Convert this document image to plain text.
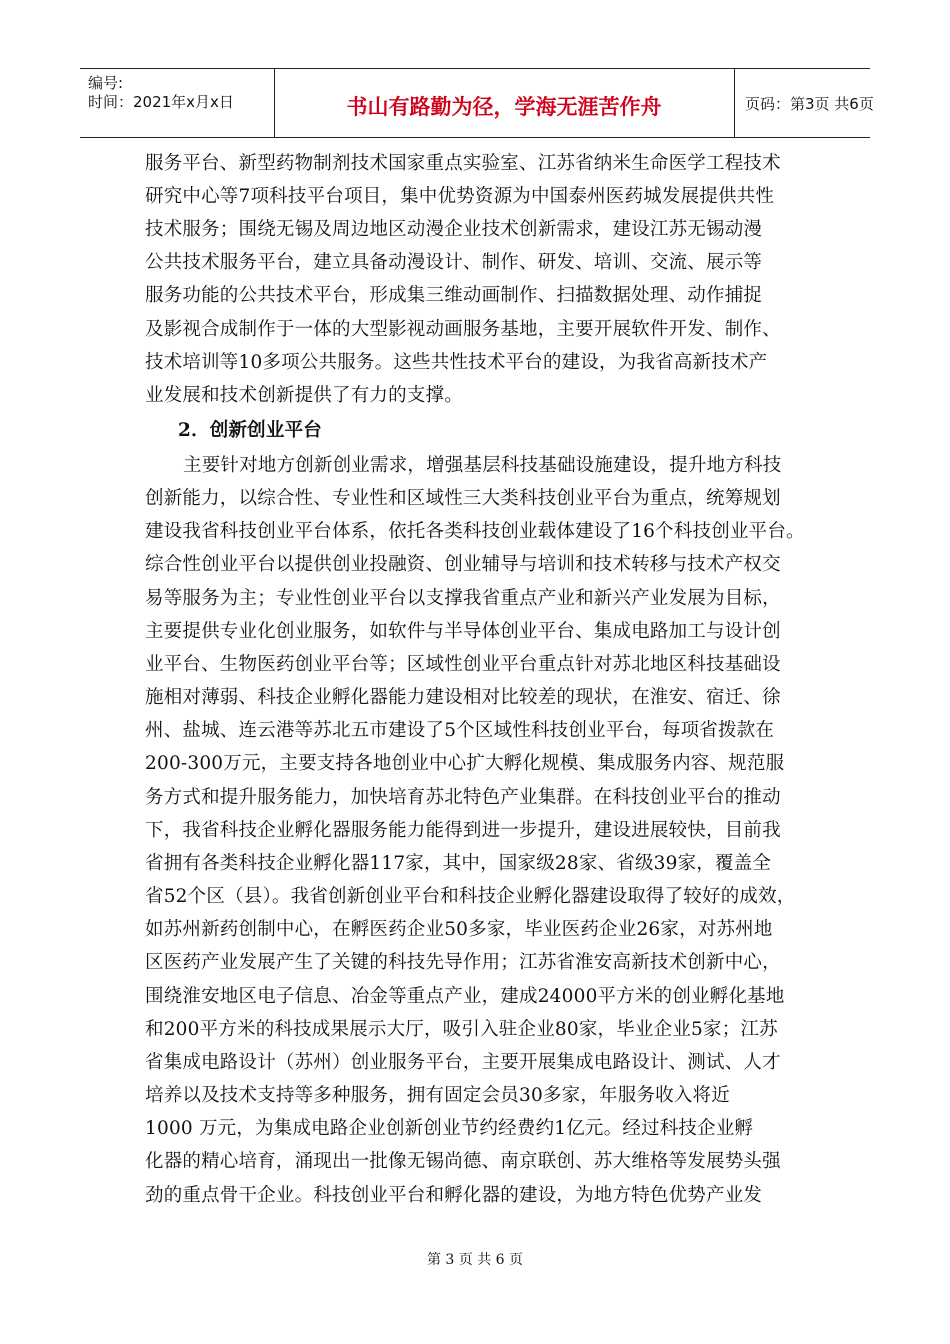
编号:
时间：2021年x月x日	书山有路勤为径，学海无涯苦作舟	页码：第3页 共6页
服务平台、新型药物制剂技术国家重点实验室、江苏省纳米生命医学工程技术
研究中心等7项科技平台项目，集中优势资源为中国泰州医药城发展提供共性
技术服务；围绕无锡及周边地区动漫企业技术创新需求，建设江苏无锡动漫
公共技术服务平台，建立具备动漫设计、制作、研发、培训、交流、展示等
服务功能的公共技术平台，形成集三维动画制作、扫描数据处理、动作捕捉
及影视合成制作于一体的大型影视动画服务基地，主要开展软件开发、制作、
技术培训等10多项公共服务。这些共性技术平台的建设，为我省高新技术产
业发展和技术创新提供了有力的支撑。
2．创新创业平台
主要针对地方创新创业需求，增强基层科技基础设施建设，提升地方科技
创新能力，以综合性、专业性和区域性三大类科技创业平台为重点，统筹规划
建设我省科技创业平台体系，依托各类科技创业载体建设了16个科技创业平台。
综合性创业平台以提供创业投融资、创业辅导与培训和技术转移与技术产权交
易等服务为主；专业性创业平台以支撑我省重点产业和新兴产业发展为目标，
主要提供专业化创业服务，如软件与半导体创业平台、集成电路加工与设计创
业平台、生物医药创业平台等；区域性创业平台重点针对苏北地区科技基础设
施相对薄弱、科技企业孵化器能力建设相对比较差的现状，在淮安、宿迁、徐
州、盐城、连云港等苏北五市建设了5个区域性科技创业平台，每项省拨款在
200-300万元，主要支持各地创业中心扩大孵化规模、集成服务内容、规范服
务方式和提升服务能力，加快培育苏北特色产业集群。在科技创业平台的推动
下，我省科技企业孵化器服务能力能得到进一步提升，建设进展较快，目前我
省拥有各类科技企业孵化器117家，其中，国家级28家、省级39家，覆盖全
省52个区（县）。我省创新创业平台和科技企业孵化器建设取得了较好的成效，
如苏州新药创制中心，在孵医药企业50多家，毕业医药企业26家，对苏州地
区医药产业发展产生了关键的科技先导作用；江苏省淮安高新技术创新中心，
围绕淮安地区电子信息、冶金等重点产业，建成24000平方米的创业孵化基地
和200平方米的科技成果展示大厅，吸引入驻企业80家，毕业企业5家；江苏
省集成电路设计（苏州）创业服务平台，主要开展集成电路设计、测试、人才
培养以及技术支持等多种服务，拥有固定会员30多家，年服务收入将近
1000 万元，为集成电路企业创新创业节约经费约1亿元。经过科技企业孵
化器的精心培育，涌现出一批像无锡尚德、南京联创、苏大维格等发展势头强
劲的重点骨干企业。科技创业平台和孵化器的建设，为地方特色优势产业发
第 3 页 共 6 页
